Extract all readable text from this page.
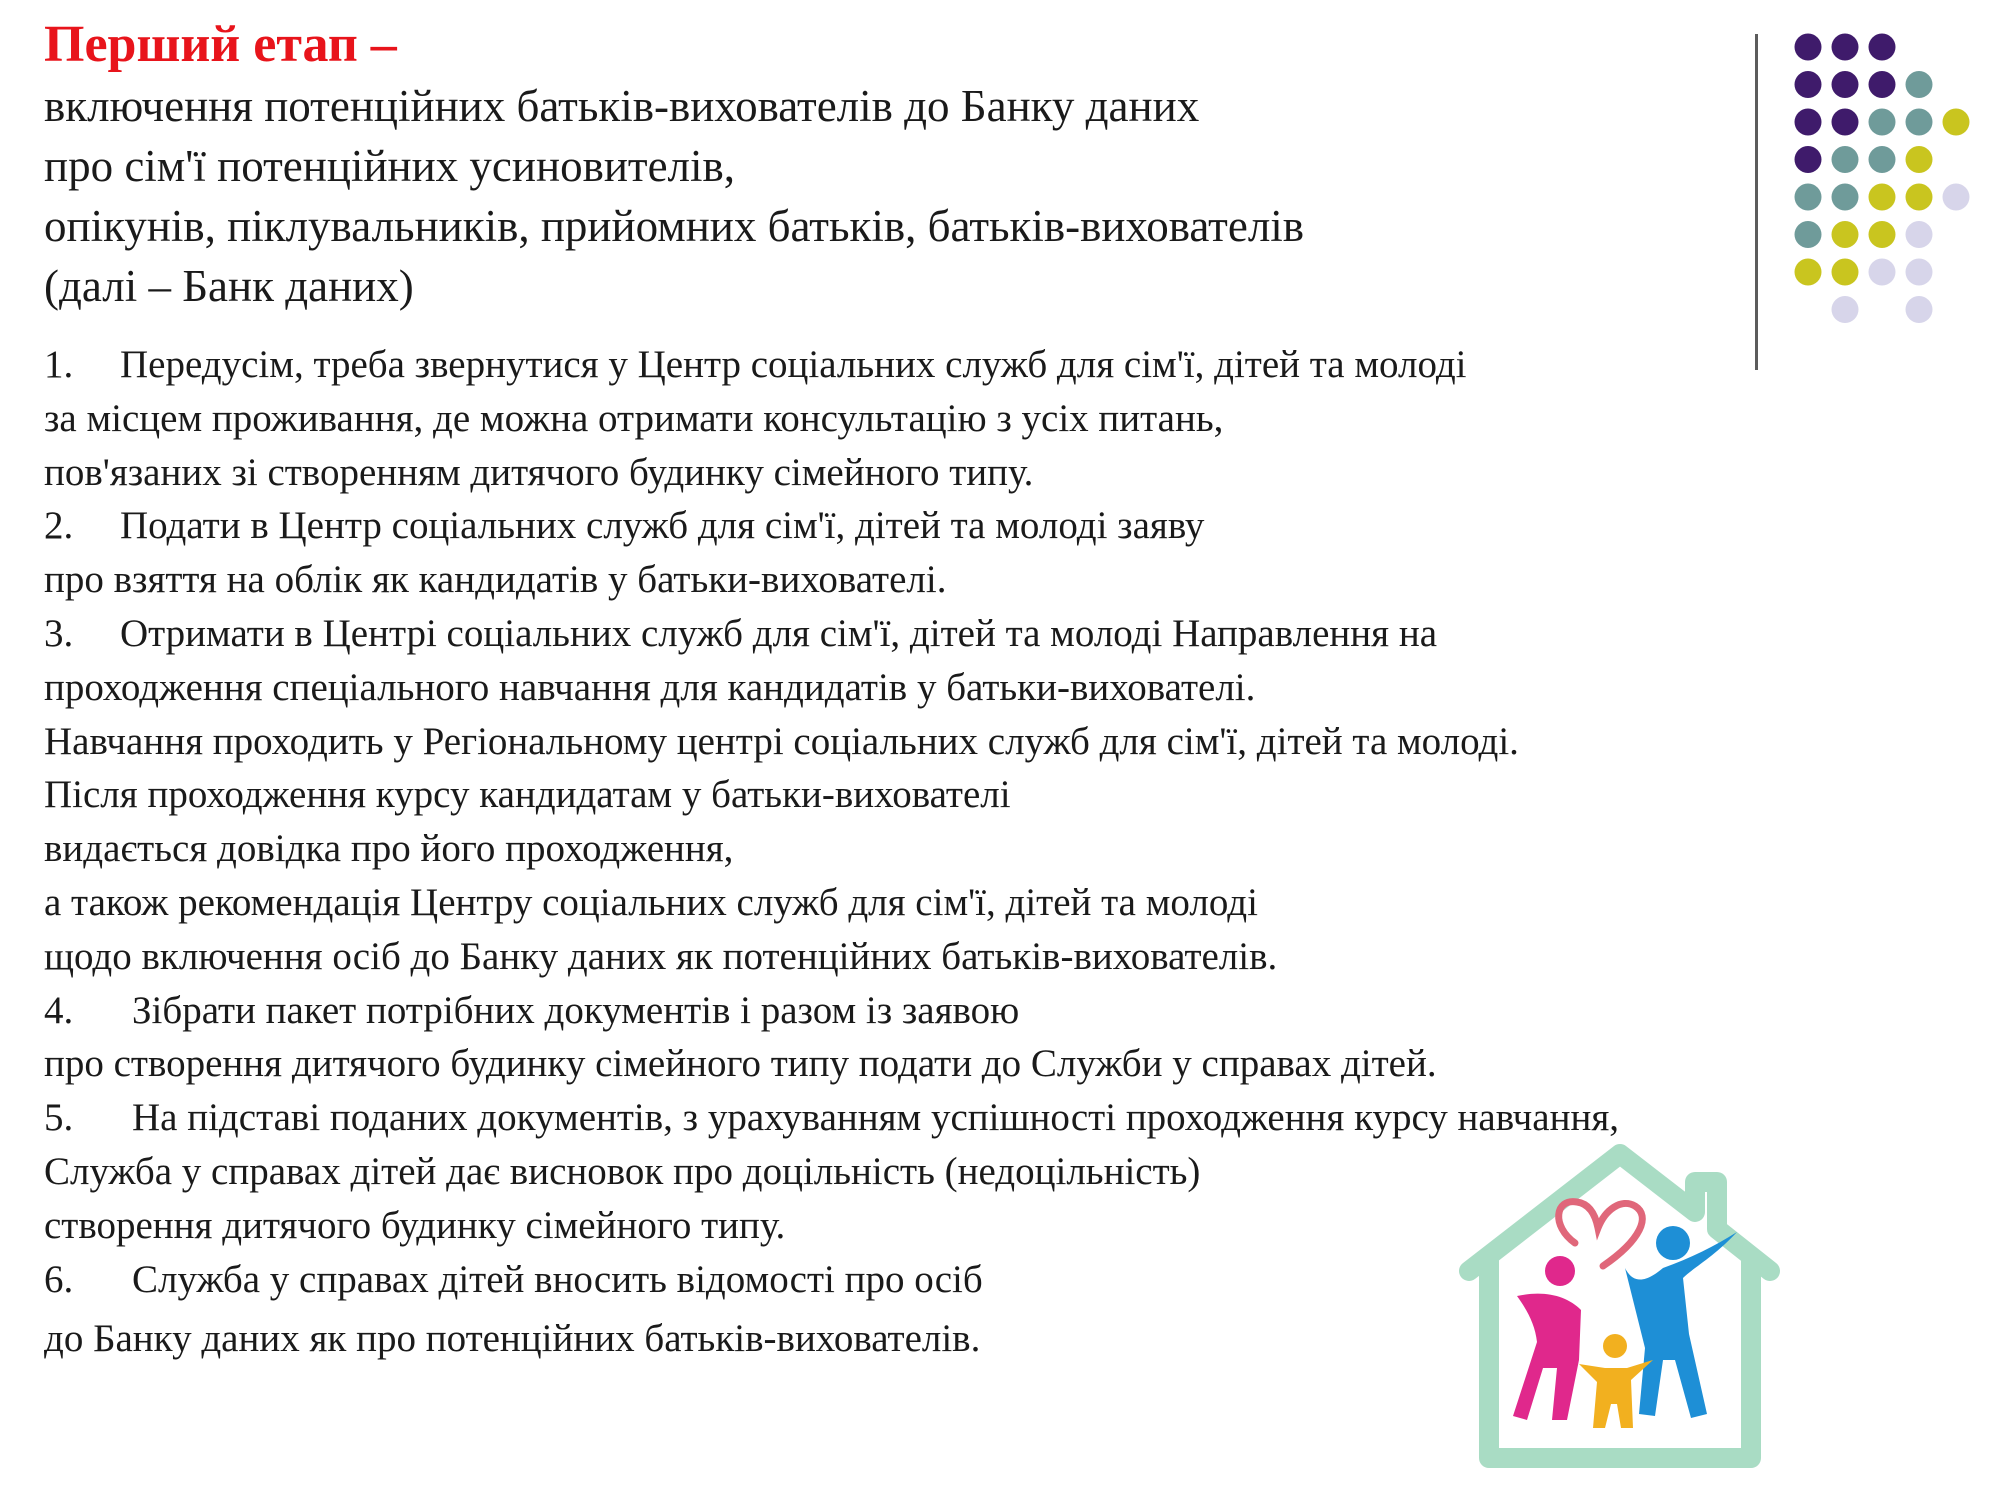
Перший етап –
включення потенційних батьків-вихователів до Банку даних
про сім'ї потенційних усиновителів,
опікунів, піклувальників, прийомних батьків, батьків-вихователів
(далі – Банк даних)
1. Передусім, треба звернутися у Центр соціальних служб для сім'ї, дітей та молоді
за місцем проживання, де можна отримати консультацію з усіх питань,
пов'язаних зі створенням дитячого будинку сімейного типу.
2. Подати в Центр соціальних служб для сім'ї, дітей та молоді заяву
про взяття на облік як кандидатів у батьки-вихователі.
3. Отримати в Центрі соціальних служб для сім'ї, дітей та молоді Направлення на
проходження спеціального навчання для кандидатів у батьки-вихователі.
Навчання проходить у Регіональному центрі соціальних служб для сім'ї, дітей та молоді.
Після проходження курсу кандидатам у батьки-вихователі
видається довідка про його проходження,
а також рекомендація Центру соціальних служб для сім'ї, дітей та молоді
щодо включення осіб до Банку даних як потенційних батьків-вихователів.
4. Зібрати пакет потрібних документів і разом із заявою
про створення дитячого будинку сімейного типу подати до Служби у справах дітей.
5. На підставі поданих документів, з урахуванням успішності проходження курсу навчання,
Служба у справах дітей дає висновок про доцільність (недоцільність)
створення дитячого будинку сімейного типу.
6. Служба у справах дітей вносить відомості про осіб
до Банку даних як про потенційних батьків-вихователів.
